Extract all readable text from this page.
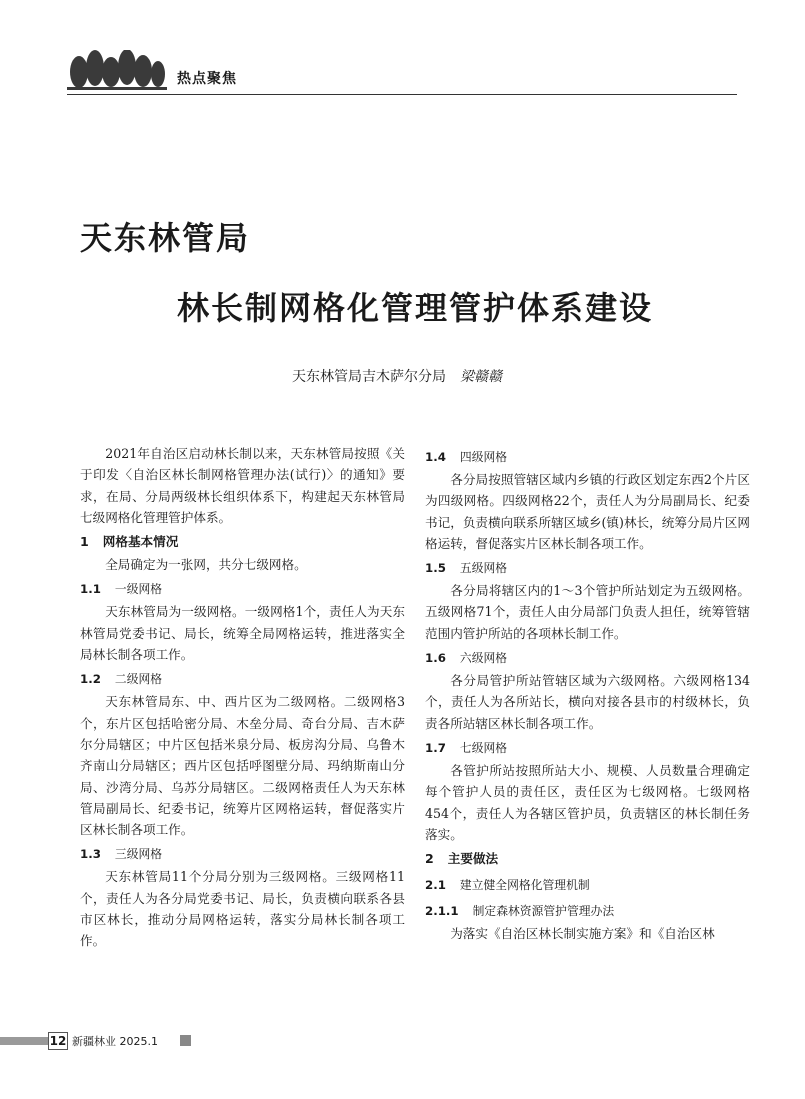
热点聚焦
天东林管局
林长制网格化管理管护体系建设
天东林管局吉木萨尔分局 梁赣赣

2021年自治区启动林长制以来，天东林管局按照《关于印发〈自治区林长制网格管理办法(试行)〉的通知》要求，在局、分局两级林长组织体系下，构建起天东林管局七级网格化管理管护体系。

1 网格基本情况

全局确定为一张网，共分七级网格。

1.1 一级网格

天东林管局为一级网格。一级网格1个，责任人为天东林管局党委书记、局长，统筹全局网格运转，推进落实全局林长制各项工作。

1.2 二级网格

天东林管局东、中、西片区为二级网格。二级网格3个，东片区包括哈密分局、木垒分局、奇台分局、吉木萨尔分局辖区；中片区包括米泉分局、板房沟分局、乌鲁木齐南山分局辖区；西片区包括呼图壁分局、玛纳斯南山分局、沙湾分局、乌苏分局辖区。二级网格责任人为天东林管局副局长、纪委书记，统筹片区网格运转，督促落实片区林长制各项工作。

1.3 三级网格

天东林管局11个分局分别为三级网格。三级网格11个，责任人为各分局党委书记、局长，负责横向联系各县市区林长，推动分局网格运转，落实分局林长制各项工作。

1.4 四级网格

各分局按照管辖区域内乡镇的行政区划定东西2个片区为四级网格。四级网格22个，责任人为分局副局长、纪委书记，负责横向联系所辖区域乡(镇)林长，统筹分局片区网格运转，督促落实片区林长制各项工作。

1.5 五级网格

各分局将辖区内的1～3个管护所站划定为五级网格。五级网格71个，责任人由分局部门负责人担任，统筹管辖范围内管护所站的各项林长制工作。

1.6 六级网格

各分局管护所站管辖区域为六级网格。六级网格134个，责任人为各所站长，横向对接各县市的村级林长，负责各所站辖区林长制各项工作。

1.7 七级网格

各管护所站按照所站大小、规模、人员数量合理确定每个管护人员的责任区，责任区为七级网格。七级网格454个，责任人为各辖区管护员，负责辖区的林长制任务落实。

2 主要做法
2.1 建立健全网格化管理机制
2.1.1 制定森林资源管护管理办法

为落实《自治区林长制实施方案》和《自治区林

12 新疆林业 2025.1
